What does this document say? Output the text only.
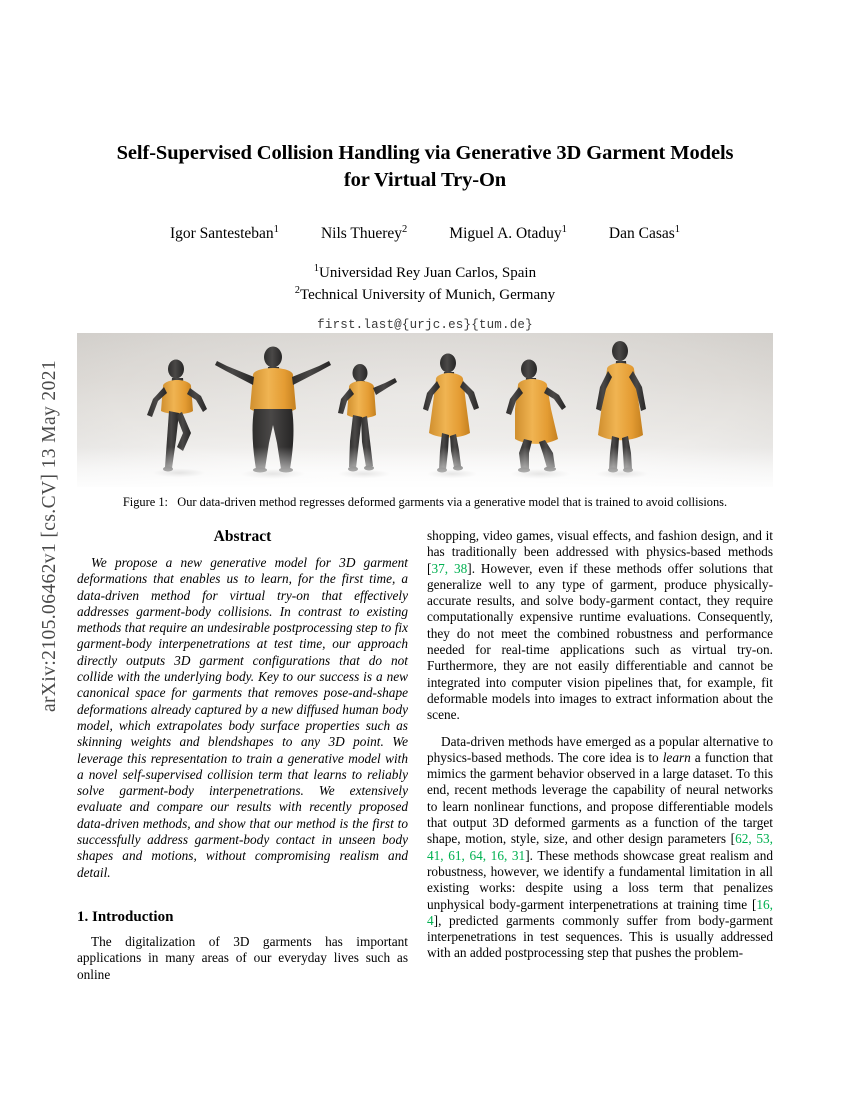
arXiv:2105.06462v1 [cs.CV] 13 May 2021
Self-Supervised Collision Handling via Generative 3D Garment Models
for Virtual Try-On
Igor Santesteban$^1$	Nils Thuerey$^2$	Miguel A. Otaduy$^1$	Dan Casas$^1$
$^1$Universidad Rey Juan Carlos, Spain
$^2$Technical University of Munich, Germany
first.last@{urjc.es}{tum.de}
Figure 1: Our data-driven method regresses deformed garments via a generative model that is trained to avoid collisions.
Abstract

We propose a new generative model for 3D garment deformations that enables us to learn, for the first time, a data-driven method for virtual try-on that effectively addresses garment-body collisions. In contrast to existing methods that require an undesirable postprocessing step to fix garment-body interpenetrations at test time, our approach directly outputs 3D garment configurations that do not collide with the underlying body. Key to our success is a new canonical space for garments that removes pose-and-shape deformations already captured by a new diffused human body model, which extrapolates body surface properties such as skinning weights and blendshapes to any 3D point. We leverage this representation to train a generative model with a novel self-supervised collision term that learns to reliably solve garment-body interpenetrations. We extensively evaluate and compare our results with recently proposed data-driven methods, and show that our method is the first to successfully address garment-body contact in unseen body shapes and motions, without compromising realism and detail.

1. Introduction

The digitalization of 3D garments has important applications in many areas of our everyday lives such as online

shopping, video games, visual effects, and fashion design, and it has traditionally been addressed with physics-based methods [37, 38]. However, even if these methods offer solutions that generalize well to any type of garment, produce physically-accurate results, and solve body-garment contact, they require computationally expensive runtime evaluations. Consequently, they do not meet the combined robustness and performance needed for real-time applications such as virtual try-on. Furthermore, they are not easily differentiable and cannot be integrated into computer vision pipelines that, for example, fit deformable models into images to extract information about the scene.

Data-driven methods have emerged as a popular alternative to physics-based methods. The core idea is to learn a function that mimics the garment behavior observed in a large dataset. To this end, recent methods leverage the capability of neural networks to learn nonlinear functions, and propose differentiable models that output 3D deformed garments as a function of the target shape, motion, style, size, and other design parameters [62, 53, 41, 61, 64, 16, 31]. These methods showcase great realism and robustness, however, we identify a fundamental limitation in all existing works: despite using a loss term that penalizes unphysical body-garment interpenetrations at training time [16, 4], predicted garments commonly suffer from body-garment interpenetrations in test sequences. This is usually addressed with an added postprocessing step that pushes the problem-
